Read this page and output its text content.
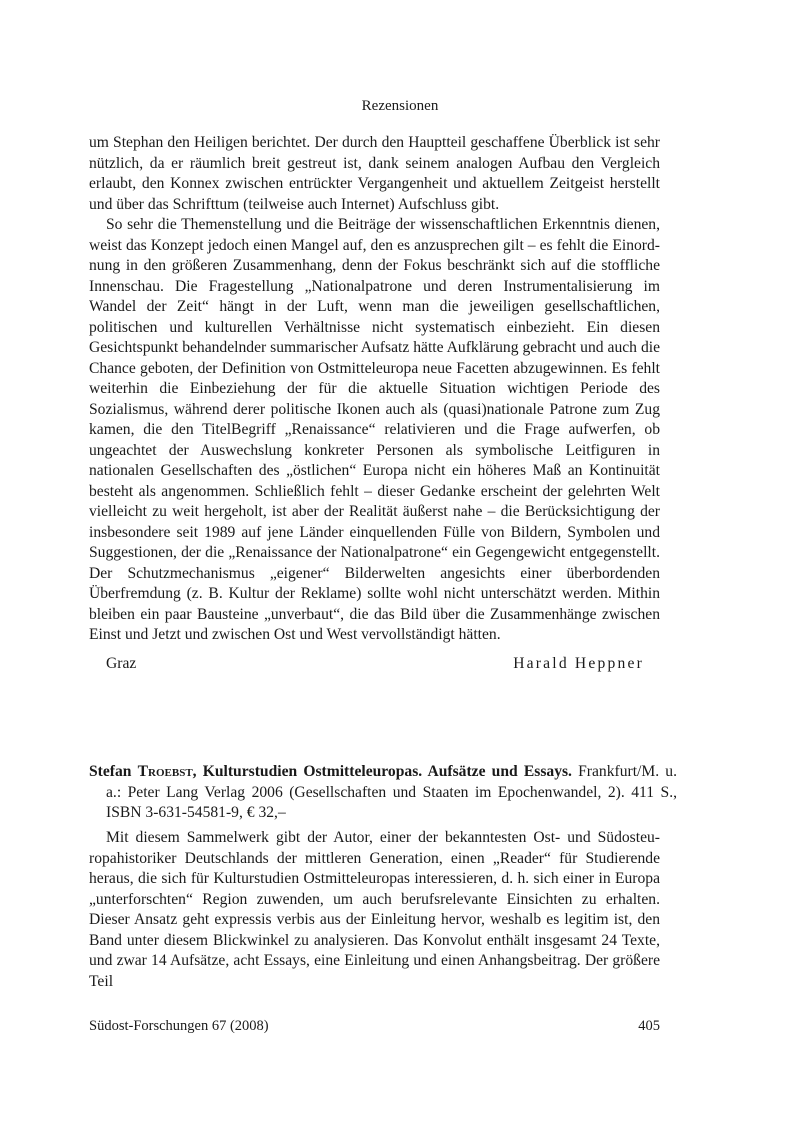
Rezensionen

um Stephan den Heiligen berichtet. Der durch den Hauptteil geschaffene Überblick ist sehr nützlich, da er räumlich breit gestreut ist, dank seinem analogen Aufbau den Vergleich erlaubt, den Konnex zwischen entrückter Vergangenheit und aktuellem Zeitgeist herstellt und über das Schrifttum (teilweise auch Internet) Aufschluss gibt.

So sehr die Themenstellung und die Beiträge der wissenschaftlichen Erkenntnis dienen, weist das Konzept jedoch einen Mangel auf, den es anzusprechen gilt – es fehlt die Einordnung in den größeren Zusammenhang, denn der Fokus beschränkt sich auf die stoffliche Innenschau. Die Fragestellung „Nationalpatrone und deren Instrumentalisierung im Wandel der Zeit“ hängt in der Luft, wenn man die jeweiligen gesellschaftlichen, politischen und kulturellen Verhältnisse nicht systematisch einbezieht. Ein diesen Gesichtspunkt behandelnder summarischer Aufsatz hätte Aufklärung gebracht und auch die Chance geboten, der Definition von Ostmitteleuropa neue Facetten abzugewinnen. Es fehlt weiterhin die Einbeziehung der für die aktuelle Situation wichtigen Periode des Sozialismus, während derer politische Ikonen auch als (quasi)nationale Patrone zum Zug kamen, die den TitelBegriff „Renaissance“ relativieren und die Frage aufwerfen, ob ungeachtet der Auswechslung konkreter Personen als symbolische Leitfiguren in nationalen Gesellschaften des „östlichen“ Europa nicht ein höheres Maß an Kontinuität besteht als angenommen. Schließlich fehlt – dieser Gedanke erscheint der gelehrten Welt vielleicht zu weit hergeholt, ist aber der Realität äußerst nahe – die Berücksichtigung der insbesondere seit 1989 auf jene Länder einquellenden Fülle von Bildern, Symbolen und Suggestionen, der die „Renaissance der Nationalpatrone“ ein Gegengewicht entgegenstellt. Der Schutzmechanismus „eigener“ Bilderwelten angesichts einer überbordenden Überfremdung (z. B. Kultur der Reklame) sollte wohl nicht unterschätzt werden. Mithin bleiben ein paar Bausteine „unverbaut“, die das Bild über die Zusammenhänge zwischen Einst und Jetzt und zwischen Ost und West vervollständigt hätten.

Graz	Harald Heppner

Stefan Troebst, Kulturstudien Ostmitteleuropas. Aufsätze und Essays. Frankfurt/M. u. a.: Peter Lang Verlag 2006 (Gesellschaften und Staaten im Epochenwandel, 2). 411 S., ISBN 3-631-54581-9, € 32,–

Mit diesem Sammelwerk gibt der Autor, einer der bekanntesten Ost- und Südosteuropahistoriker Deutschlands der mittleren Generation, einen „Reader“ für Studierende heraus, die sich für Kulturstudien Ostmitteleuropas interessieren, d. h. sich einer in Europa „unterforschten“ Region zuwenden, um auch berufsrelevante Einsichten zu erhalten. Dieser Ansatz geht expressis verbis aus der Einleitung hervor, weshalb es legitim ist, den Band unter diesem Blickwinkel zu analysieren. Das Konvolut enthält insgesamt 24 Texte, und zwar 14 Aufsätze, acht Essays, eine Einleitung und einen Anhangsbeitrag. Der größere Teil

Südost-Forschungen 67 (2008)	405
